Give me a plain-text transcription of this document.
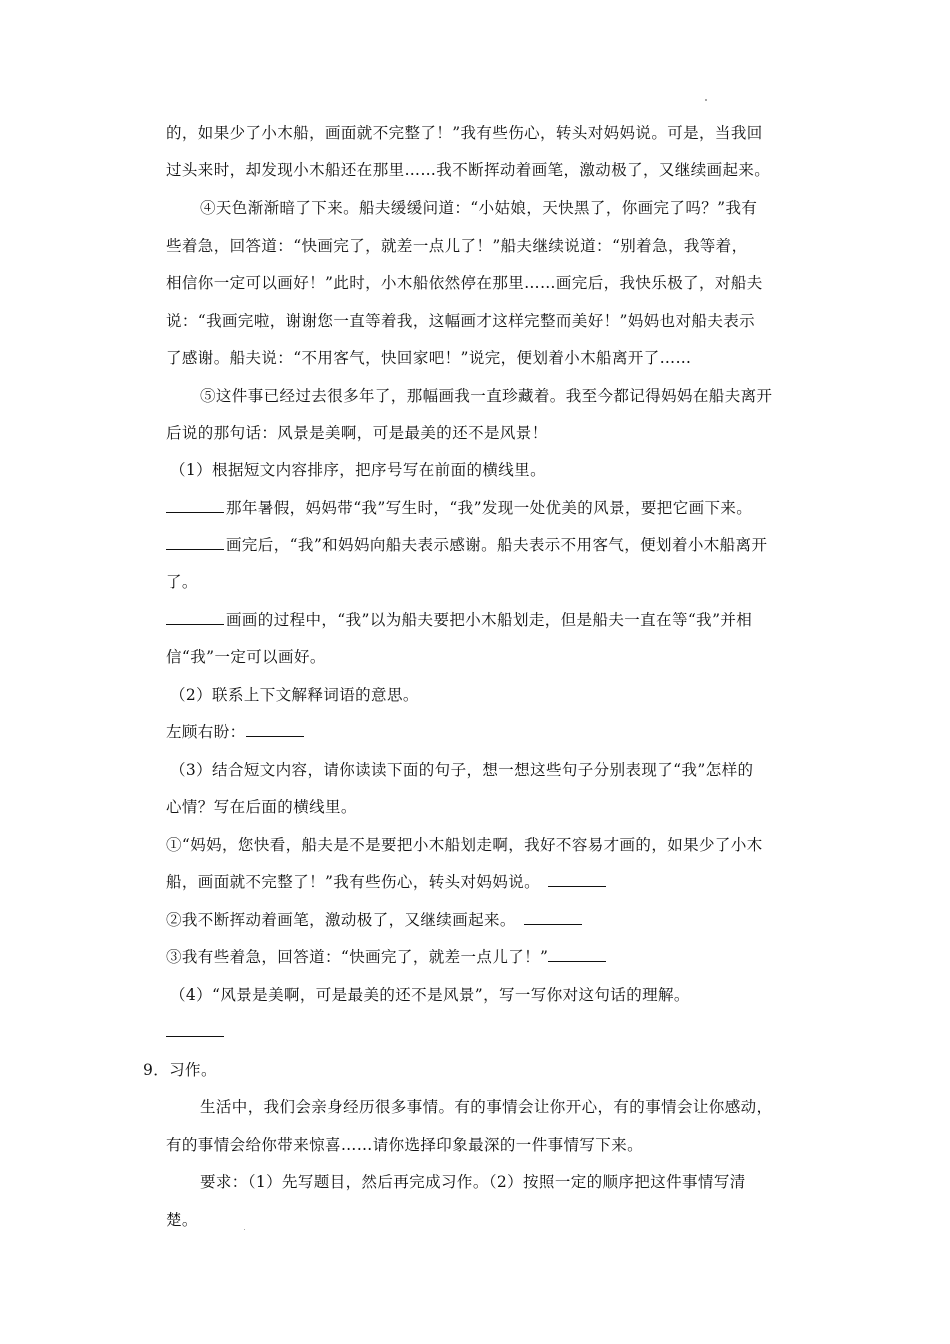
的，如果少了小木船，画面就不完整了！”我有些伤心，转头对妈妈说。可是，当我回
过头来时，却发现小木船还在那里……我不断挥动着画笔，激动极了，又继续画起来。
④天色渐渐暗了下来。船夫缓缓问道：“小姑娘，天快黑了，你画完了吗？”我有
些着急，回答道：“快画完了，就差一点儿了！”船夫继续说道：“别着急，我等着，
相信你一定可以画好！”此时，小木船依然停在那里……画完后，我快乐极了，对船夫
说：“我画完啦，谢谢您一直等着我，这幅画才这样完整而美好！”妈妈也对船夫表示
了感谢。船夫说：“不用客气，快回家吧！”说完，便划着小木船离开了……
⑤这件事已经过去很多年了，那幅画我一直珍藏着。我至今都记得妈妈在船夫离开
后说的那句话：风景是美啊，可是最美的还不是风景！
（1）根据短文内容排序，把序号写在前面的横线里。
那年暑假，妈妈带“我”写生时，“我”发现一处优美的风景，要把它画下来。
画完后，“我”和妈妈向船夫表示感谢。船夫表示不用客气，便划着小木船离开
了。
画画的过程中，“我”以为船夫要把小木船划走，但是船夫一直在等“我”并相
信“我”一定可以画好。
（2）联系上下文解释词语的意思。
左顾右盼：
（3）结合短文内容，请你读读下面的句子，想一想这些句子分别表现了“我”怎样的
心情？写在后面的横线里。
①“妈妈，您快看，船夫是不是要把小木船划走啊，我好不容易才画的，如果少了小木
船，画面就不完整了！”我有些伤心，转头对妈妈说。
②我不断挥动着画笔，激动极了，又继续画起来。
③我有些着急，回答道：“快画完了，就差一点儿了！”
（4）“风景是美啊，可是最美的还不是风景”，写一写你对这句话的理解。
9．习作。
生活中，我们会亲身经历很多事情。有的事情会让你开心，有的事情会让你感动，
有的事情会给你带来惊喜……请你选择印象最深的一件事情写下来。
要求：（1）先写题目，然后再完成习作。（2）按照一定的顺序把这件事情写清
楚。
